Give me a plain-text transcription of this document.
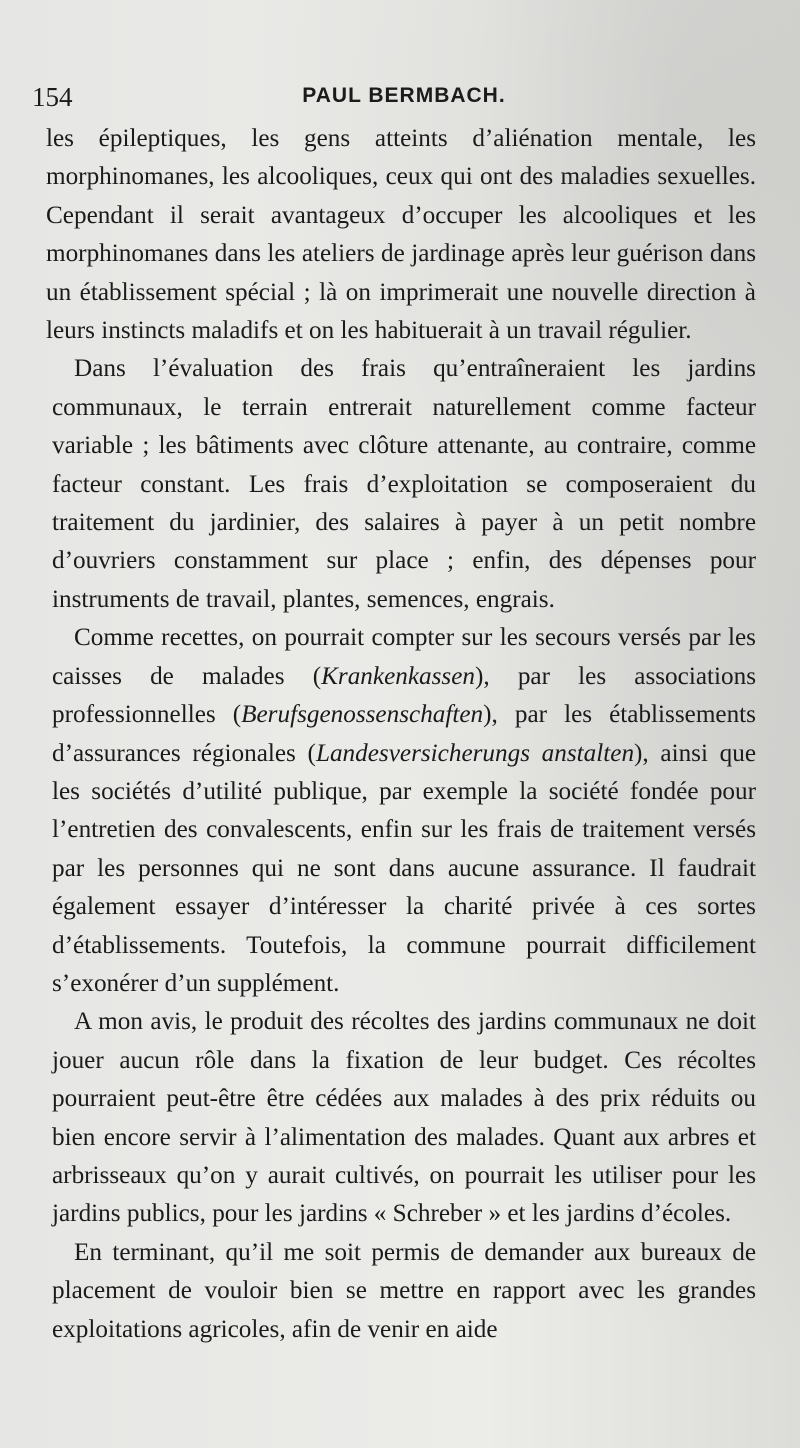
154	PAUL BERMBACH.

les épileptiques, les gens atteints d’aliénation mentale, les morphinomanes, les alcooliques, ceux qui ont des maladies sexuelles. Cependant il serait avantageux d’occuper les alcooliques et les morphinomanes dans les ateliers de jardinage après leur guérison dans un établissement spécial ; là on imprimerait une nouvelle direction à leurs instincts maladifs et on les habituerait à un travail régulier.

Dans l’évaluation des frais qu’entraîneraient les jardins communaux, le terrain entrerait naturellement comme facteur variable ; les bâtiments avec clôture attenante, au contraire, comme facteur constant. Les frais d’exploitation se composeraient du traitement du jardinier, des salaires à payer à un petit nombre d’ouvriers constamment sur place ; enfin, des dépenses pour instruments de travail, plantes, semences, engrais.

Comme recettes, on pourrait compter sur les secours versés par les caisses de malades (Krankenkassen), par les associations professionnelles (Berufsgenossenschaften), par les établissements d’assurances régionales (Landesversicherungs anstalten), ainsi que les sociétés d’utilité publique, par exemple la société fondée pour l’entretien des convalescents, enfin sur les frais de traitement versés par les personnes qui ne sont dans aucune assurance. Il faudrait également essayer d’intéresser la charité privée à ces sortes d’établissements. Toutefois, la commune pourrait difficilement s’exonérer d’un supplément.

A mon avis, le produit des récoltes des jardins communaux ne doit jouer aucun rôle dans la fixation de leur budget. Ces récoltes pourraient peut-être être cédées aux malades à des prix réduits ou bien encore servir à l’alimentation des malades. Quant aux arbres et arbrisseaux qu’on y aurait cultivés, on pourrait les utiliser pour les jardins publics, pour les jardins « Schreber » et les jardins d’écoles.

En terminant, qu’il me soit permis de demander aux bureaux de placement de vouloir bien se mettre en rapport avec les grandes exploitations agricoles, afin de venir en aide
